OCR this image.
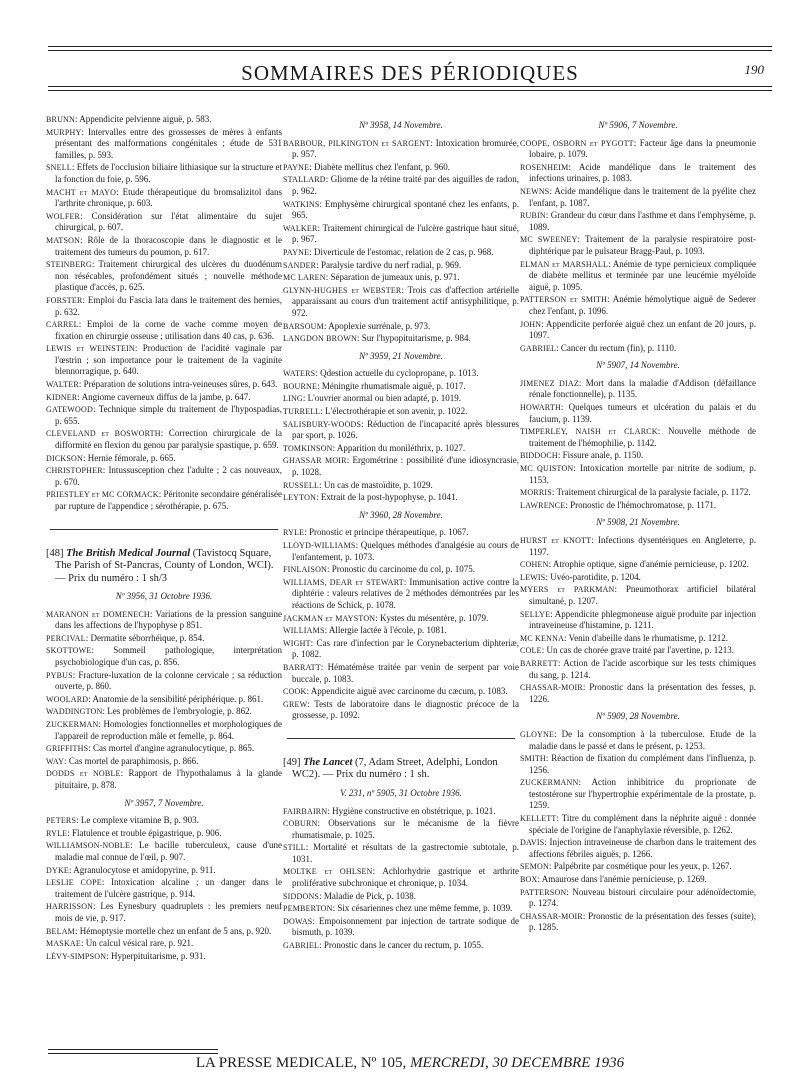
SOMMAIRES DES PÉRIODIQUES	190
BRUNN: Appendicite pelvienne aiguë, p. 583.
MURPHY: Intervalles entre des grossesses de mères à enfants présentant des malformations congénitales ; étude de 531 familles, p. 593.
SNELL: Effets de l'occlusion biliaire lithiasique sur la structure et la fonction du foie, p. 596.
MACHT et MAYO: Etude thérapeutique du bromsalizitol dans l'arthrite chronique, p. 603.
WOLFER: Considération sur l'état alimentaire du sujet chirurgical, p. 607.
MATSON: Rôle de la thoracoscopie dans le diagnostic et le traitement des tumeurs du poumon, p. 617.
STEINBERG: Traitement chirurgical des ulcères du duodénum non résécables, profondément situés ; nouvelle méthode plastique d'accès, p. 625.
FORSTER: Emploi du Fascia lata dans le traitement des hernies, p. 632.
CARREL: Emploi de la corne de vache comme moyen de fixation en chirurgie osseuse ; utilisation dans 40 cas, p. 636.
LEWIS et WEINSTEIN: Production de l'acidité vaginale par l'œstrin ; son importance pour le traitement de la vaginite blennorragique, p. 640.
WALTER: Préparation de solutions intra-veineuses sûres, p. 643.
KIDNER: Angiome caverneux diffus de la jambe, p. 647.
GATEWOOD: Technique simple du traitement de l'hypospadias, p. 655.
CLEVELAND et BOSWORTH: Correction chirurgicale de la difformité en flexion du genou par paralysie spastique, p. 659.
DICKSON: Hernie fémorale, p. 665.
CHRISTOPHER: Intussusception chez l'adulte ; 2 cas nouveaux, p. 670.
PRIESTLEY et MC CORMACK: Péritonite secondaire généralisée par rupture de l'appendice ; sérothérapie, p. 675.
[48] The British Medical Journal (Tavistocq Square, The Parish of St-Pancras, County of London, WCI). — Prix du numéro : 1 sh/3
Nº 3956, 31 Octobre 1936.
MARANON et DOMENECH: Variations de la pression sanguine dans les affections de l'hypophyse p 851.
PERCIVAL: Dermatite séborrhéique, p. 854.
SKOTTOWE: Sommeil pathologique, interprétation psychobiologique d'un cas, p. 856.
PYBUS: Fracture-luxation de la colonne cervicale ; sa réduction ouverte, p. 860.
WOOLARD: Anatomie de la sensibilité périphérique. p. 861.
WADDINGTON: Les problèmes de l'embryologie, p. 862.
ZUCKERMAN: Homologies fonctionnelles et morphologiques de l'appareil de reproduction mâle et femelle, p. 864.
GRIFFITHS: Cas mortel d'angine agranulocytique, p. 865.
WAY: Cas mortel de paraphimosis, p. 866.
DODDS et NOBLE: Rapport de l'hypothalamus à la glande pituitaire, p. 878.
Nº 3957, 7 Novembre.
PETERS: Le complexe vitamine B, p. 903.
RYLE: Flatulence et trouble épigastrique, p. 906.
WILLIAMSON-NOBLE: Le bacille tuberculeux, cause d'une maladie mal connue de l'œil, p. 907.
DYKE: Agranulocytose et amidopyrine, p. 911.
LESLIE COPE: Intoxication alcaline ; un danger dans le traitement de l'ulcère gastrique, p. 914.
HARRISSON: Les Eynesbury quadruplets : les premiers neuf mois de vie, p. 917.
BELAM: Hémoptysie mortelle chez un enfant de 5 ans, p. 920.
MASKAE: Un calcul vésical rare, p. 921.
LÉVY-SIMPSON: Hyperpituitarisme, p. 931.
Nº 3958, 14 Novembre.
BARBOUR, PILKINGTON et SARGENT: Intoxication bromurée, p. 957.
PAYNE: Diabète mellitus chez l'enfant, p. 960.
STALLARD: Gliome de la rétine traité par des aiguilles de radon, p. 962.
WATKINS: Emphysème chirurgical spontané chez les enfants, p. 965.
WALKER: Traitement chirurgical de l'ulcère gastrique haut situé, p. 967.
PAYNE: Diverticule de l'estomac, relation de 2 cas, p. 968.
SANDER: Paralysie tardive du nerf radial, p. 969.
MC LAREN: Séparation de jumeaux unis, p. 971.
GLYNN-HUGHES et WEBSTER: Trois cas d'affection artérielle apparaissant au cours d'un traitement actif antisyphilitique, p. 972.
BARSOUM: Apoplexie surrénale, p. 973.
LANGDON BROWN: Sur l'hypopituitarisme, p. 984.
Nº 3959, 21 Novembre.
WATERS: Qdestion actuelle du cyclopropane, p. 1013.
BOURNE: Méningite rhumatismale aiguë, p. 1017.
LING: L'ouvrier anormal ou bien adapté, p. 1019.
TURRELL: L'électrothérapie et son avenir, p. 1022.
SALISBURY-WOODS: Réduction de l'incapacité après blessures par sport, p. 1026.
TOMKINSON: Apparition du moniléthrix, p. 1027.
GHASSAR MOIR: Ergométrine : possibilité d'une idiosyncrasie, p. 1028.
RUSSELL: Un cas de mastoïdite, p. 1029.
LEYTON: Extrait de la post-hypophyse, p. 1041.
Nº 3960, 28 Novembre.
RYLE: Pronostic et principe thérapeutique, p. 1067.
LLOYD-WILLIAMS: Quelques méthodes d'analgésie au cours de l'enfantement, p. 1073.
FINLAISON: Pronostic du carcinome du col, p. 1075.
WILLIAMS, DEAR et STEWART: Immunisation active contre la diphtérie : valeurs relatives de 2 méthodes démontrées par les réactions de Schick, p. 1078.
JACKMAN et MAYSTON: Kystes du mésentère, p. 1079.
WILLIAMS: Allergie lactée à l'école, p. 1081.
WIGHT: Cas rare d'infection par le Corynebacterium diphteriæ, p. 1082.
BARRATT: Hématémèse traitée par venin de serpent par voie buccale, p. 1083.
COOK: Appendicite aiguë avec carcinome du cæcum, p. 1083.
GREW: Tests de laboratoire dans le diagnostic précoce de la grossesse, p. 1092.
[49] The Lancet (7, Adam Street, Adelphi, London WC2). — Prix du numéro : 1 sh.
V. 231, nº 5905, 31 Octobre 1936.
FAIRBAIRN: Hygiène constructive en obstétrique, p. 1021.
COBURN: Observations sur le mécanisme de la fièvre rhumatismale, p. 1025.
STILL: Mortalité et résultats de la gastrectomie subtotale, p. 1031.
MOLTKE et OHLSEN: Achlorhydrie gastrique et arthrite proliférative subchronique et chronique, p. 1034.
SIDDONS: Maladie de Pick, p. 1038.
PEMBERTON: Six césariennes chez une même femme, p. 1039.
DOWAS: Empoisonnement par injection de tartrate sodique de bismuth, p. 1039.
GABRIEL: Pronostic dans le cancer du rectum, p. 1055.
Nº 5906, 7 Novembre.
COOPE, OSBORN et PYGOTT: Facteur âge dans la pneumonie lobaire, p. 1079.
ROSENHEIM: Acide mandélique dans le traitement des infections urinaires, p. 1083.
NEWNS: Acide mandélique dans le traitement de la pyélite chez l'enfant, p. 1087.
RUBIN: Grandeur du cœur dans l'asthme et dans l'emphysème, p. 1089.
MC SWEENEY: Traitement de la paralysie respiratoire post-diphtérique par le pulsateur Bragg-Paul, p. 1093.
ELMAN et MARSHALL: Anémie de type pernicieux compliquée de diabète mellitus et terminée par une leucémie myéloïde aiguë, p. 1095.
PATTERSON et SMITH: Anémie hémolytique aiguë de Sederer chez l'enfant, p. 1096.
JOHN: Appendicite perforée aiguë chez un enfant de 20 jours, p. 1097.
GABRIEL: Cancer du rectum (fin), p. 1110.
Nº 5907, 14 Novembre.
JIMENEZ DIAZ: Mort dans la maladie d'Addison (défaillance rénale fonctionnelle), p. 1135.
HOWARTH: Quelques tumeurs et ulcération du palais et du faucium, p. 1139.
TIMPERLEY, NAISH et CLARCK: Nouvelle méthode de traitement de l'hémophilie, p. 1142.
BIDDOCH: Fissure anale, p. 1150.
MC QUISTON: Intoxication mortelle par nitrite de sodium, p. 1153.
MORRIS: Traitement chirurgical de la paralysie faciale, p. 1172.
LAWRENCE: Pronostic de l'hémochromatose, p. 1171.
Nº 5908, 21 Novembre.
HURST et KNOTT: Infections dysentériques en Angleterre, p. 1197.
COHEN: Atrophie optique, signe d'anémie pernicieuse, p. 1202.
LEWIS: Uvéo-parotidite, p. 1204.
MYERS et PARKMAN: Pneumothorax artificiel bilatéral simultané, p. 1207.
SELLYE: Appendicite phlegmoneuse aiguë produite par injection intraveineuse d'histamine, p. 1211.
MC KENNA: Venin d'abeille dans le rhumatisme, p. 1212.
COLE: Un cas de chorée grave traité par l'avertine, p. 1213.
BARRETT: Action de l'acide ascorbique sur les tests chimiques du sang, p. 1214.
CHASSAR-MOIR: Pronostic dans la présentation des fesses, p. 1226.
Nº 5909, 28 Novembre.
GLOYNE: De la consomption à la tuberculose. Etude de la maladie dans le passé et dans le présent, p. 1253.
SMITH: Réaction de fixation du complément dans l'influenza, p. 1256.
ZUCKERMANN: Action inhibitrice du proprionate de testostérone sur l'hypertrophie expérimentale de la prostate, p. 1259.
KELLETT: Titre du complément dans la néphrite aiguë : donnée spéciale de l'origine de l'anaphylaxie réversible, p. 1262.
DAVIS: Injection intraveineuse de charbon dans le traitement des affections fébriles aiguës, p. 1266.
SEMON: Palpébrite par cosmétique pour les yeux, p. 1267.
BOX: Amaurose dans l'anémie pernicieuse, p. 1269.
PATTERSON: Nouveau bistouri circulaire pour adénoïdectomie, p. 1274.
CHASSAR-MOIR: Pronostic de la présentation des fesses (suite), p. 1285.
LA PRESSE MEDICALE, Nº 105, MERCREDI, 30 DECEMBRE 1936
